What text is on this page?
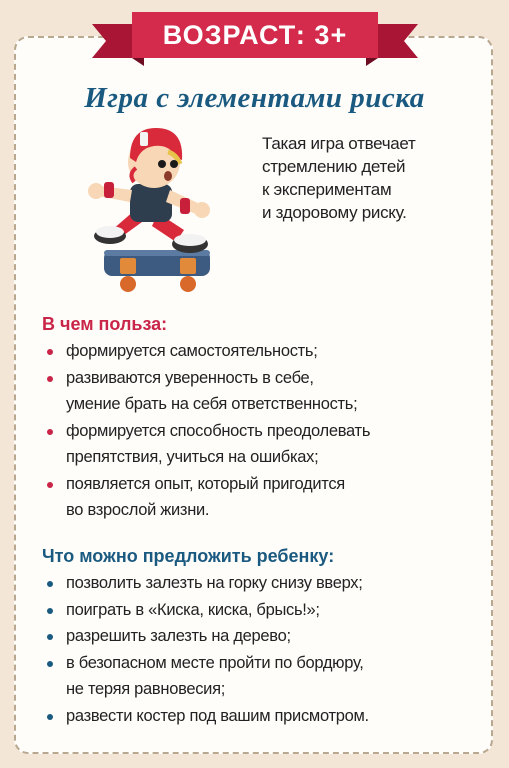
ВОЗРАСТ: 3+
Игра с элементами риска
Такая игра отвечает
стремлению детей
к экспериментам
и здоровому риску.
В чем польза:
формируется самостоятельность;
развиваются уверенность в себе,
умение брать на себя ответственность;
формируется способность преодолевать
препятствия, учиться на ошибках;
появляется опыт, который пригодится
во взрослой жизни.
Что можно предложить ребенку:
позволить залезть на горку снизу вверх;
поиграть в «Киска, киска, брысь!»;
разрешить залезть на дерево;
в безопасном месте пройти по бордюру,
не теряя равновесия;
развести костер под вашим присмотром.
